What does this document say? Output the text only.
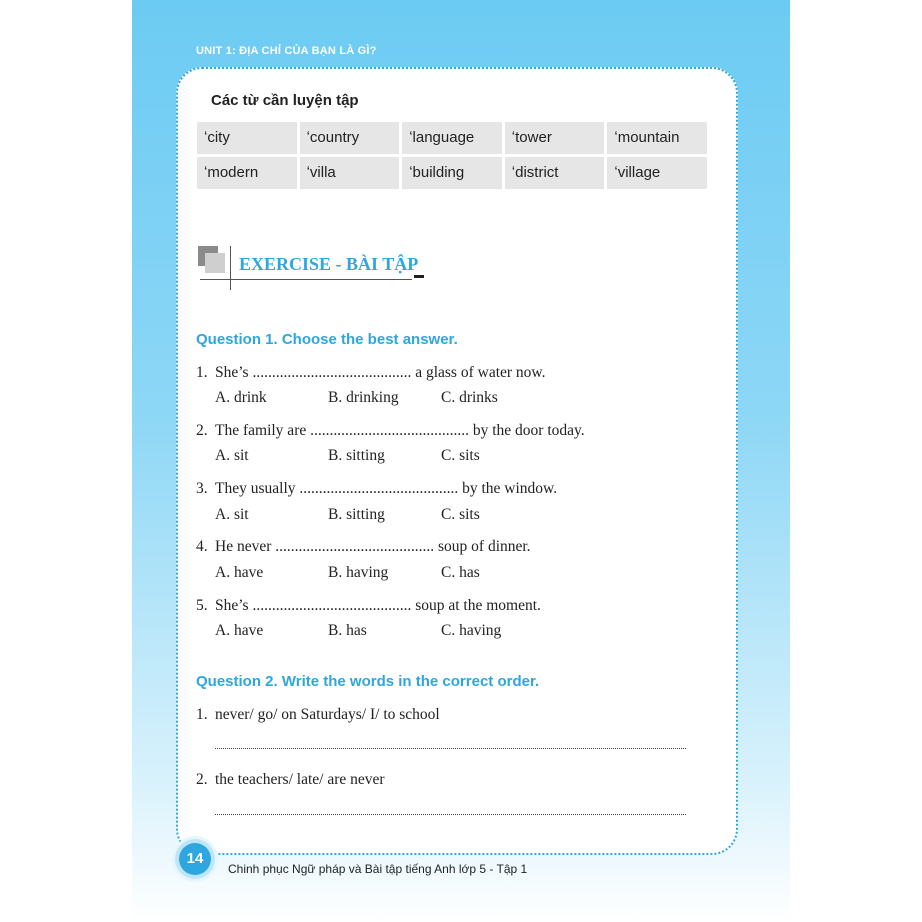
UNIT 1: ĐỊA CHỈ CỦA BẠN LÀ GÌ?
Các từ cần luyện tập
ʻcity	ʻcountry	ʻlanguage	ʻtower	ʻmountain
ʻmodern	ʻvilla	ʻbuilding	ʻdistrict	ʻvillage
EXERCISE - BÀI TẬP
Question 1. Choose the best answer.
1. She’s ......................................... a glass of water now.
A. drink	B. drinking	C. drinks
2. The family are ......................................... by the door today.
A. sit	B. sitting	C. sits
3. They usually ......................................... by the window.
A. sit	B. sitting	C. sits
4. He never ......................................... soup of dinner.
A. have	B. having	C. has
5. She’s ......................................... soup at the moment.
A. have	B. has	C. having
Question 2. Write the words in the correct order.
1. never/ go/ on Saturdays/ I/ to school
2. the teachers/ late/ are never
14
Chinh phục Ngữ pháp và Bài tập tiếng Anh lớp 5 - Tập 1
